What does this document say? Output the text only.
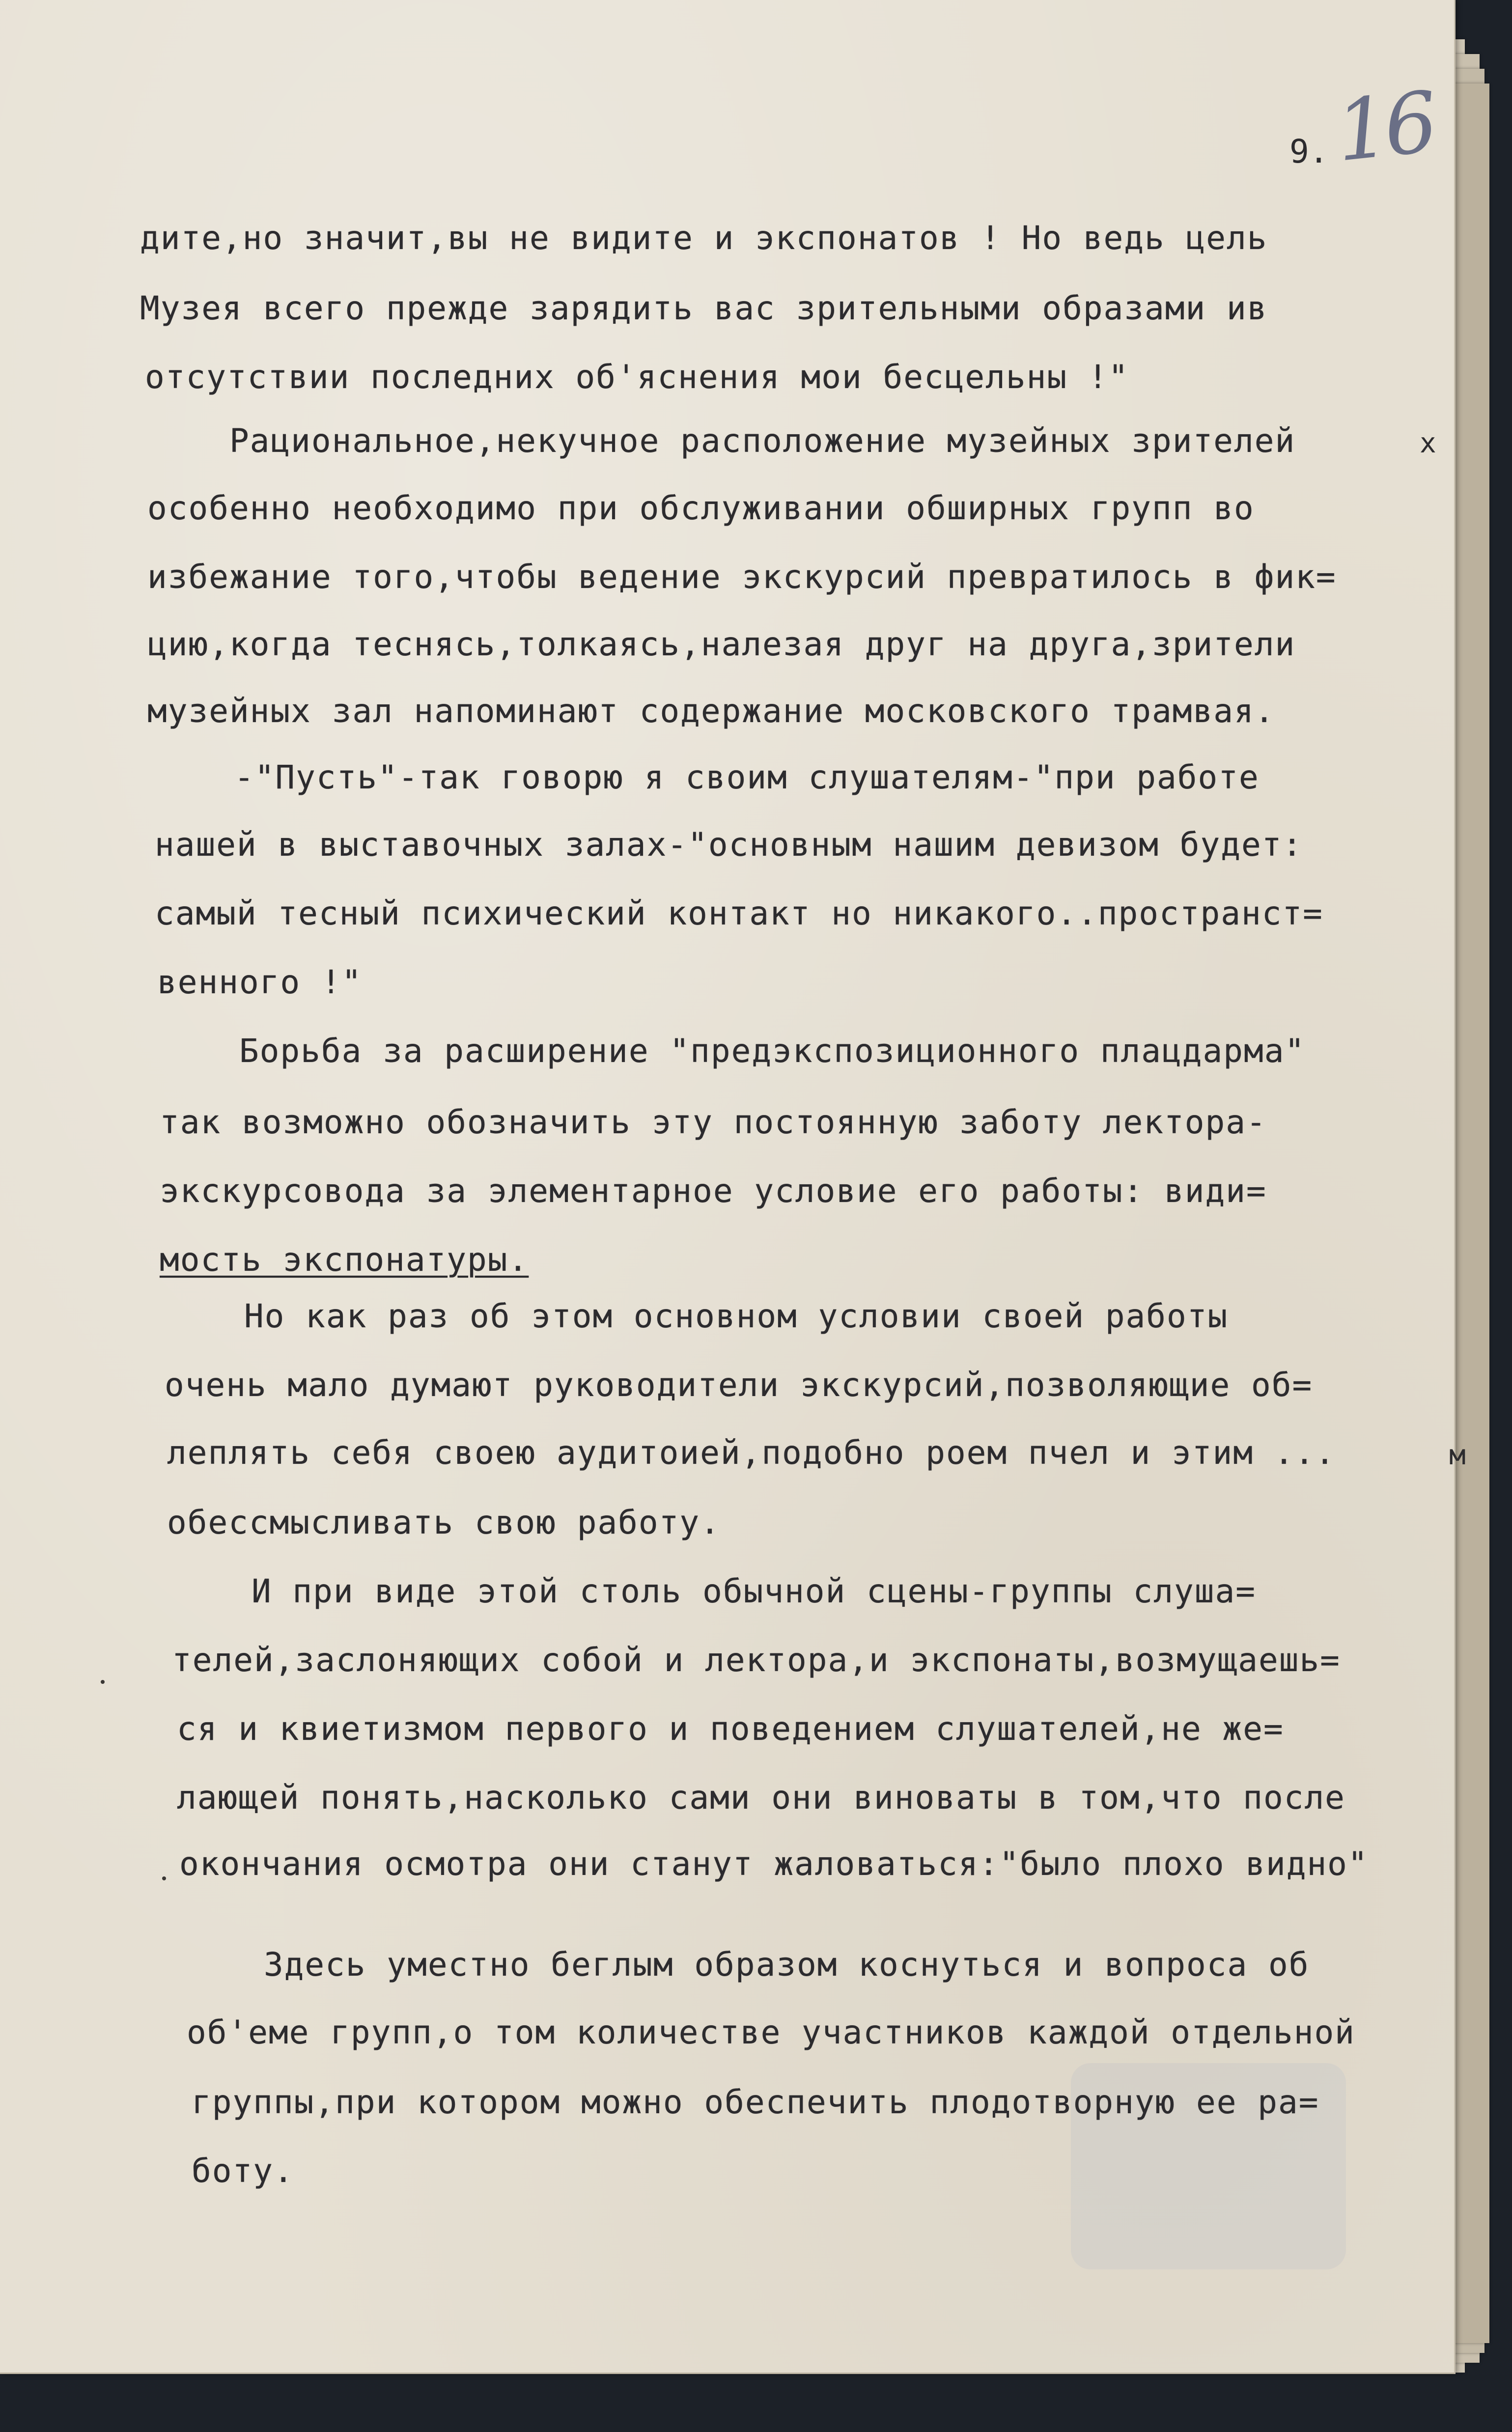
16
9.
x
м
дите,но значит,вы не видите и экспонатов ! Но ведь цель
Музея всего прежде зарядить вас зрительными образами ив
отсутствии последних об'яснения мои бесцельны !"
Рациональное,некучное расположение музейных зрителей
особенно необходимо при обслуживании обширных групп во
избежание того,чтобы ведение экскурсий превратилось в фик=
цию,когда теснясь,толкаясь,налезая друг на друга,зрители
музейных зал напоминают содержание московского трамвая.
-"Пусть"-так говорю я своим слушателям-"при работе
нашей в выставочных залах-"основным нашим девизом будет:
самый тесный психический контакт но никакого..пространст=
венного !"
Борьба за расширение "предэкспозиционного плацдарма"
так возможно обозначить эту постоянную заботу лектора-
экскурсовода за элементарное условие его работы: види=
мость экспонатуры.
Но как раз об этом основном условии своей работы
очень мало думают руководители экскурсий,позволяющие об=
леплять себя своею аудитоией,подобно роем пчел и этим ...
обессмысливать свою работу.
И при виде этой столь обычной сцены-группы слуша=
телей,заслоняющих собой и лектора,и экспонаты,возмущаешь=
ся и квиетизмом первого и поведением слушателей,не же=
лающей понять,насколько сами они виноваты в том,что после
окончания осмотра они станут жаловаться:"было плохо видно"
Здесь уместно беглым образом коснуться и вопроса об
об'еме групп,о том количестве участников каждой отдельной
группы,при котором можно обеспечить плодотворную ее ра=
боту.
